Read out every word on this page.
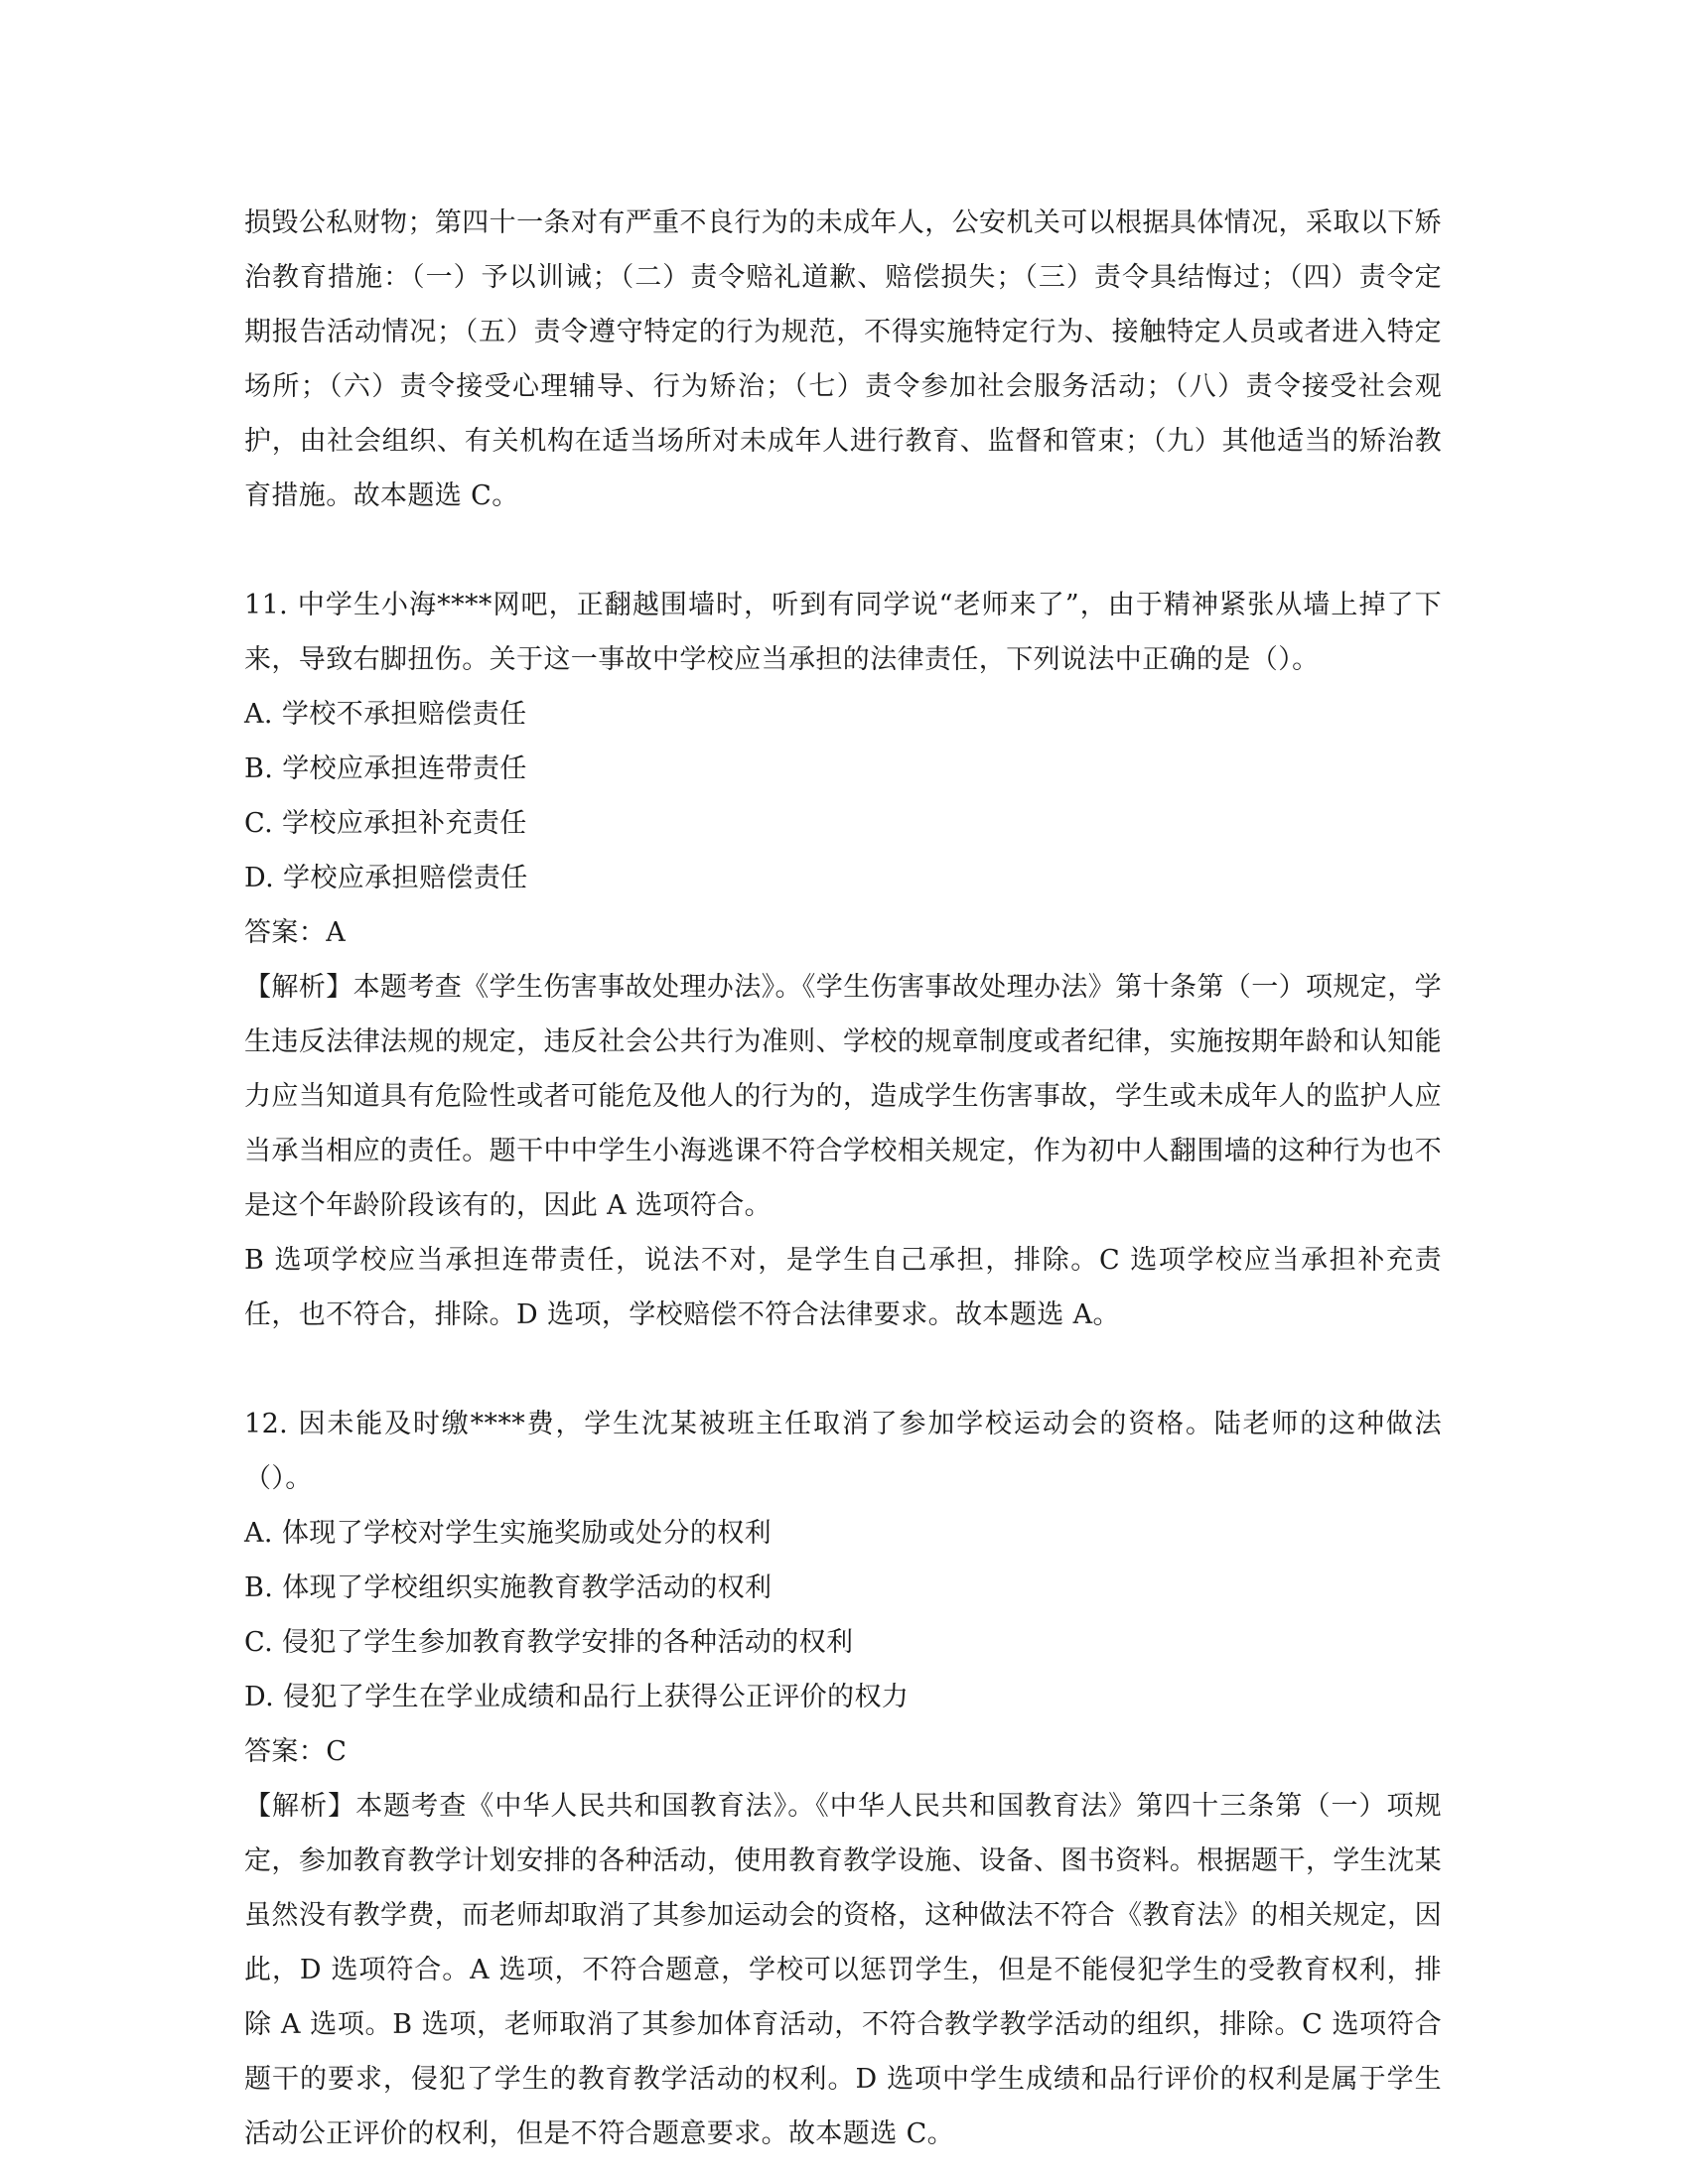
损毁公私财物；第四十一条对有严重不良行为的未成年人，公安机关可以根据具体情况，采取以下矫治教育措施：（一）予以训诫；（二）责令赔礼道歉、赔偿损失；（三）责令具结悔过；（四）责令定期报告活动情况；（五）责令遵守特定的行为规范，不得实施特定行为、接触特定人员或者进入特定场所；（六）责令接受心理辅导、行为矫治；（七）责令参加社会服务活动；（八）责令接受社会观护，由社会组织、有关机构在适当场所对未成年人进行教育、监督和管束；（九）其他适当的矫治教育措施。故本题选 C。

11. 中学生小海****网吧，正翻越围墙时，听到有同学说“老师来了”，由于精神紧张从墙上掉了下来，导致右脚扭伤。关于这一事故中学校应当承担的法律责任，下列说法中正确的是（）。

A. 学校不承担赔偿责任

B. 学校应承担连带责任

C. 学校应承担补充责任

D. 学校应承担赔偿责任

答案：A

【解析】本题考查《学生伤害事故处理办法》。《学生伤害事故处理办法》第十条第（一）项规定，学生违反法律法规的规定，违反社会公共行为准则、学校的规章制度或者纪律，实施按期年龄和认知能力应当知道具有危险性或者可能危及他人的行为的，造成学生伤害事故，学生或未成年人的监护人应当承当相应的责任。题干中中学生小海逃课不符合学校相关规定，作为初中人翻围墙的这种行为也不是这个年龄阶段该有的，因此 A 选项符合。

B 选项学校应当承担连带责任，说法不对，是学生自己承担，排除。C 选项学校应当承担补充责任，也不符合，排除。D 选项，学校赔偿不符合法律要求。故本题选 A。

12. 因未能及时缴****费，学生沈某被班主任取消了参加学校运动会的资格。陆老师的这种做法（）。

A. 体现了学校对学生实施奖励或处分的权利

B. 体现了学校组织实施教育教学活动的权利

C. 侵犯了学生参加教育教学安排的各种活动的权利

D. 侵犯了学生在学业成绩和品行上获得公正评价的权力

答案：C

【解析】本题考查《中华人民共和国教育法》。《中华人民共和国教育法》第四十三条第（一）项规定，参加教育教学计划安排的各种活动，使用教育教学设施、设备、图书资料。根据题干，学生沈某虽然没有教学费，而老师却取消了其参加运动会的资格，这种做法不符合《教育法》的相关规定，因此，D 选项符合。A 选项，不符合题意，学校可以惩罚学生，但是不能侵犯学生的受教育权利，排除 A 选项。B 选项，老师取消了其参加体育活动，不符合教学教学活动的组织，排除。C 选项符合题干的要求，侵犯了学生的教育教学活动的权利。D 选项中学生成绩和品行评价的权利是属于学生活动公正评价的权利，但是不符合题意要求。故本题选 C。
